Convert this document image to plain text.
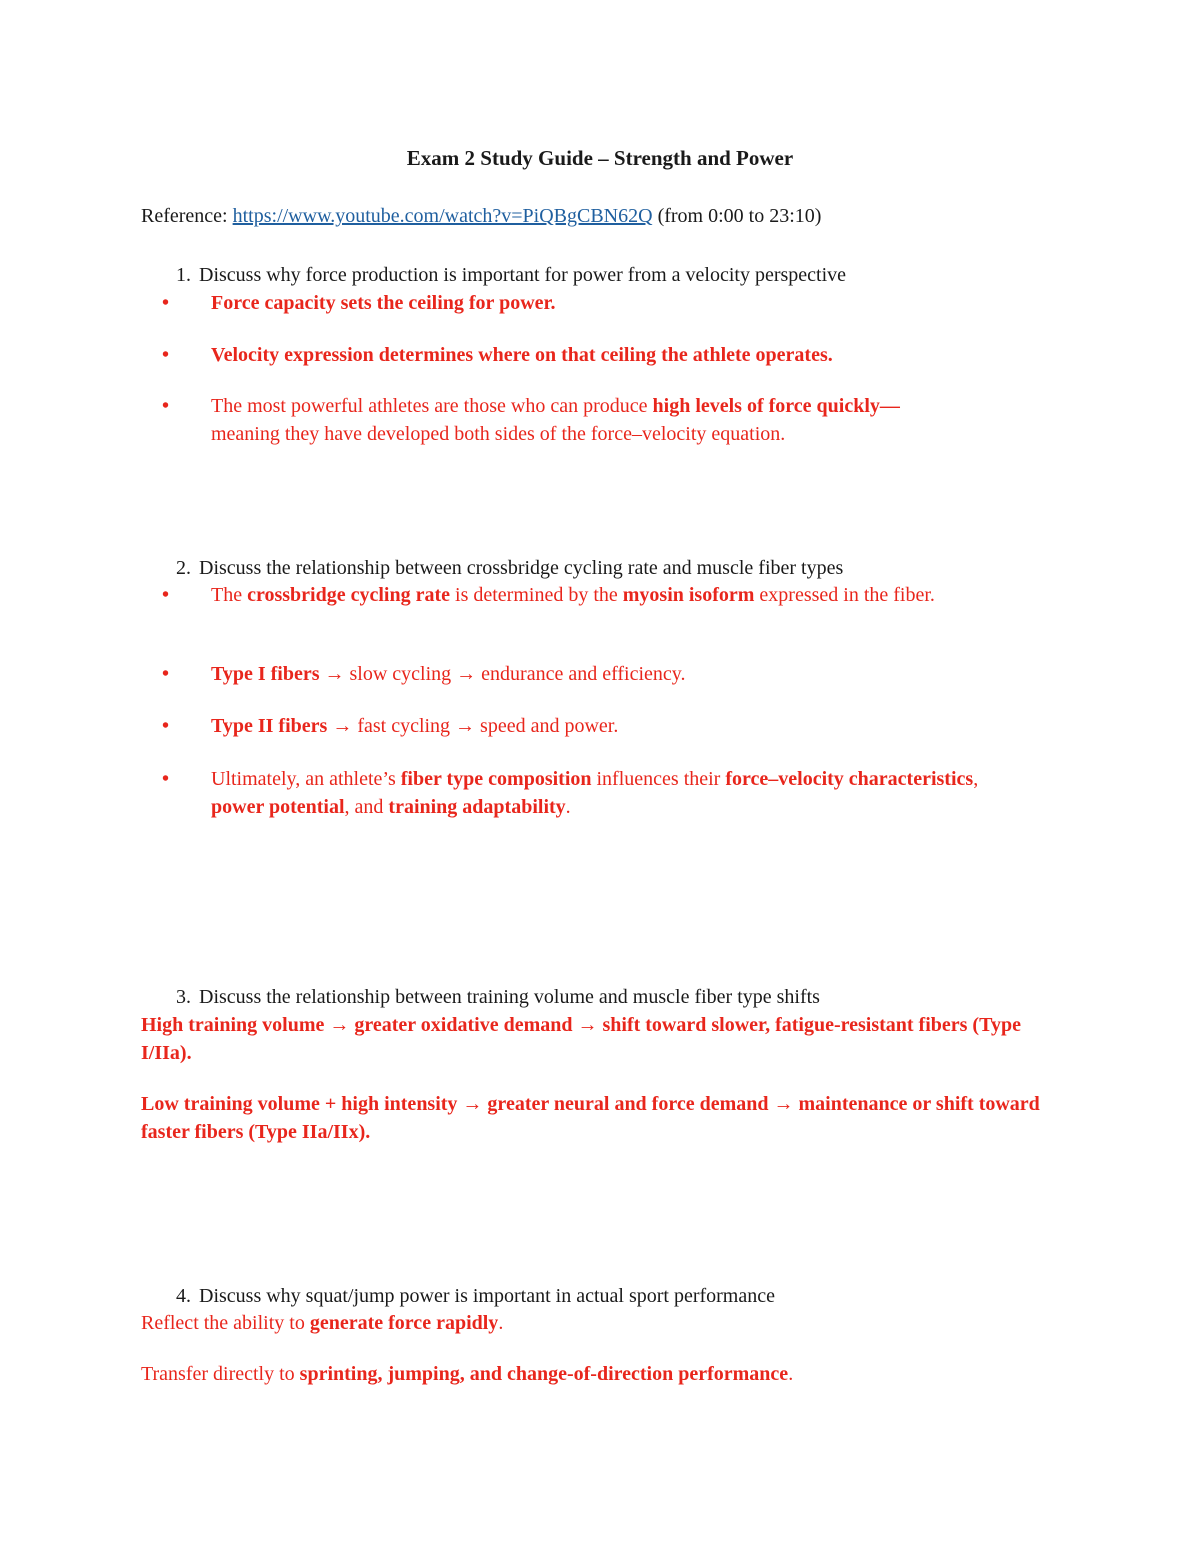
Exam 2 Study Guide – Strength and Power
Reference: https://www.youtube.com/watch?v=PiQBgCBN62Q (from 0:00 to 23:10)
1. Discuss why force production is important for power from a velocity perspective
• Force capacity sets the ceiling for power.
• Velocity expression determines where on that ceiling the athlete operates.
• The most powerful athletes are those who can produce high levels of force quickly—
meaning they have developed both sides of the force–velocity equation.
2. Discuss the relationship between crossbridge cycling rate and muscle fiber types
• The crossbridge cycling rate is determined by the myosin isoform expressed in the fiber.
• Type I fibers → slow cycling → endurance and efficiency.
• Type II fibers → fast cycling → speed and power.
• Ultimately, an athlete’s fiber type composition influences their force–velocity characteristics, power potential, and training adaptability.
3. Discuss the relationship between training volume and muscle fiber type shifts
High training volume → greater oxidative demand → shift toward slower, fatigue-resistant fibers (Type I/IIa).
Low training volume + high intensity → greater neural and force demand → maintenance or shift toward faster fibers (Type IIa/IIx).
4. Discuss why squat/jump power is important in actual sport performance
Reflect the ability to generate force rapidly.
Transfer directly to sprinting, jumping, and change-of-direction performance.
